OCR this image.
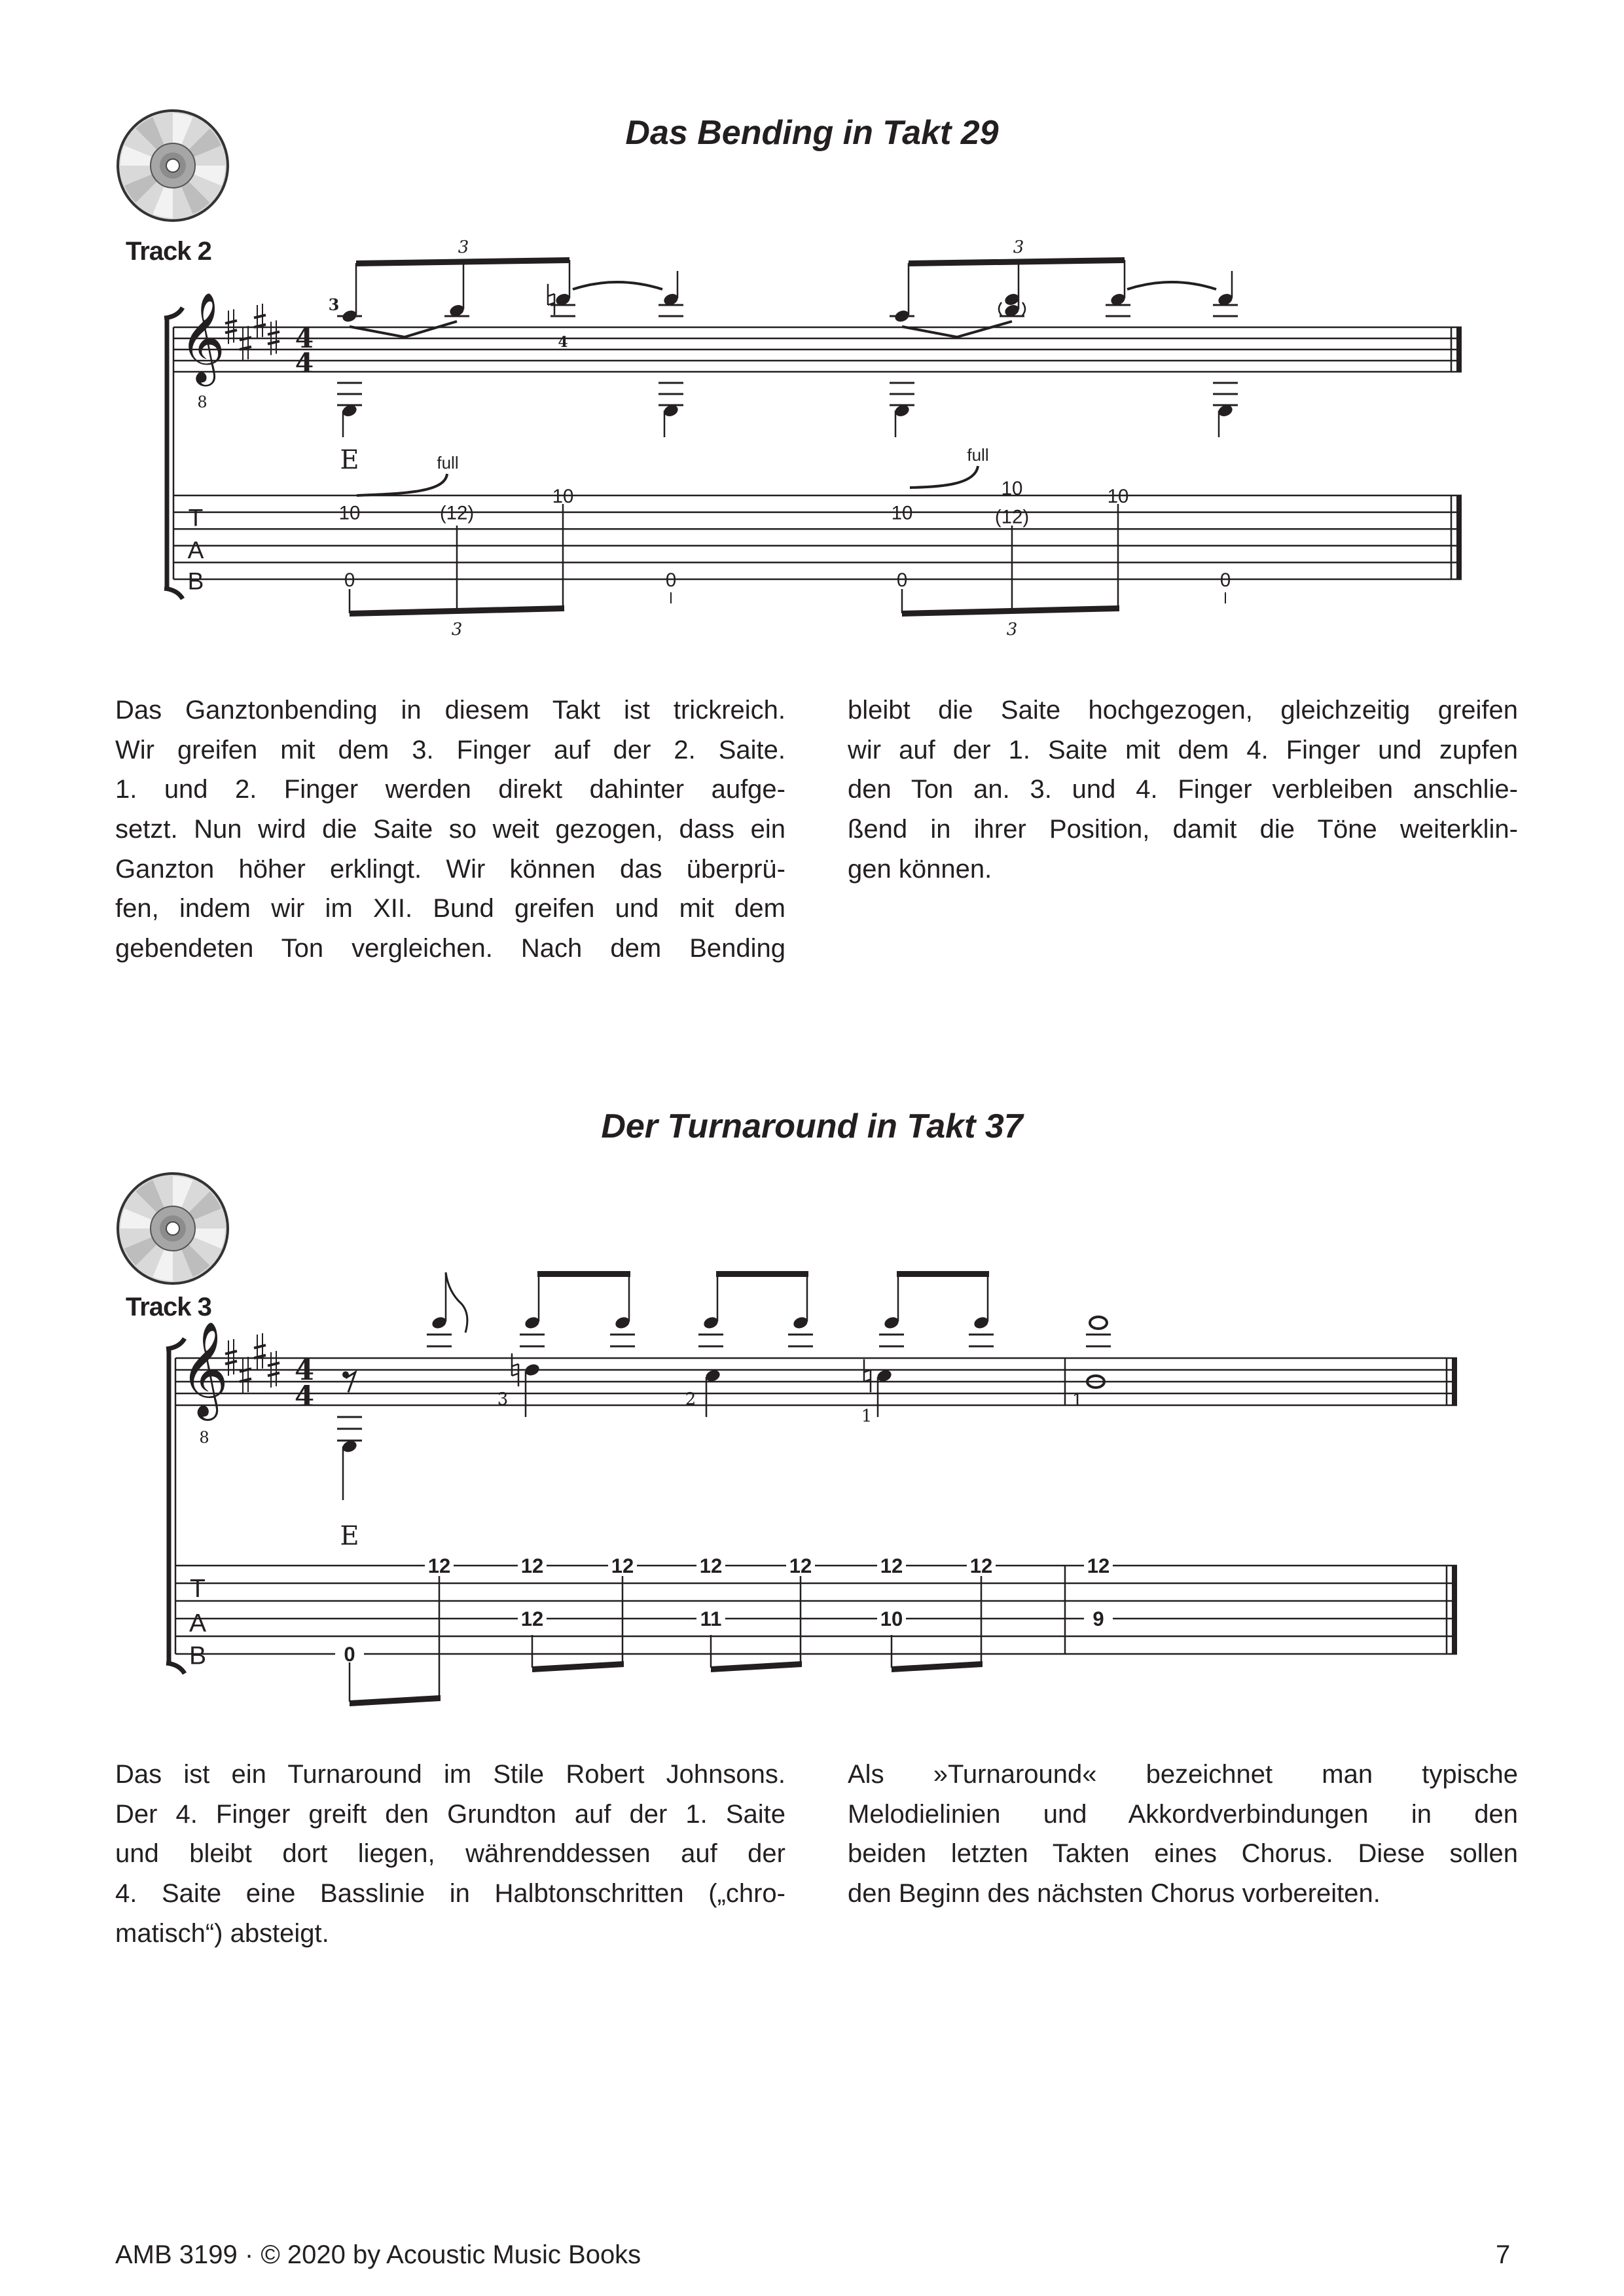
𝄞
8
4
4
T
A
B
3	3
3
4
E	full	full
10	(12)
10
0	0
10	(12)
10	10
0	0
3	3
𝄞
8
4
4
T
A
B
3	2
1
1
E
0
12	12
12
12	12
11
12	12
10
12	12
9
Das Bending in Takt 29
Track 2
Das Ganztonbending in diesem Takt ist trickreich.
Wir greifen mit dem 3. Finger auf der 2. Saite.
1. und 2. Finger werden direkt dahinter aufge-
setzt. Nun wird die Saite so weit gezogen, dass ein
Ganzton höher erklingt. Wir können das überprü-
fen, indem wir im XII. Bund greifen und mit dem
gebendeten Ton vergleichen. Nach dem Bending
bleibt die Saite hochgezogen, gleichzeitig greifen
wir auf der 1. Saite mit dem 4. Finger und zupfen
den Ton an. 3. und 4. Finger verbleiben anschlie-
ßend in ihrer Position, damit die Töne weiterklin-
gen können.
Der Turnaround in Takt 37
Track 3
Das ist ein Turnaround im Stile Robert Johnsons.
Der 4. Finger greift den Grundton auf der 1. Saite
und bleibt dort liegen, währenddessen auf der
4. Saite eine Basslinie in Halbtonschritten („chro-
matisch“) absteigt.
Als »Turnaround« bezeichnet man typische
Melodielinien und Akkordverbindungen in den
beiden letzten Takten eines Chorus. Diese sollen
den Beginn des nächsten Chorus vorbereiten.
AMB 3199 · © 2020 by Acoustic Music Books	7
